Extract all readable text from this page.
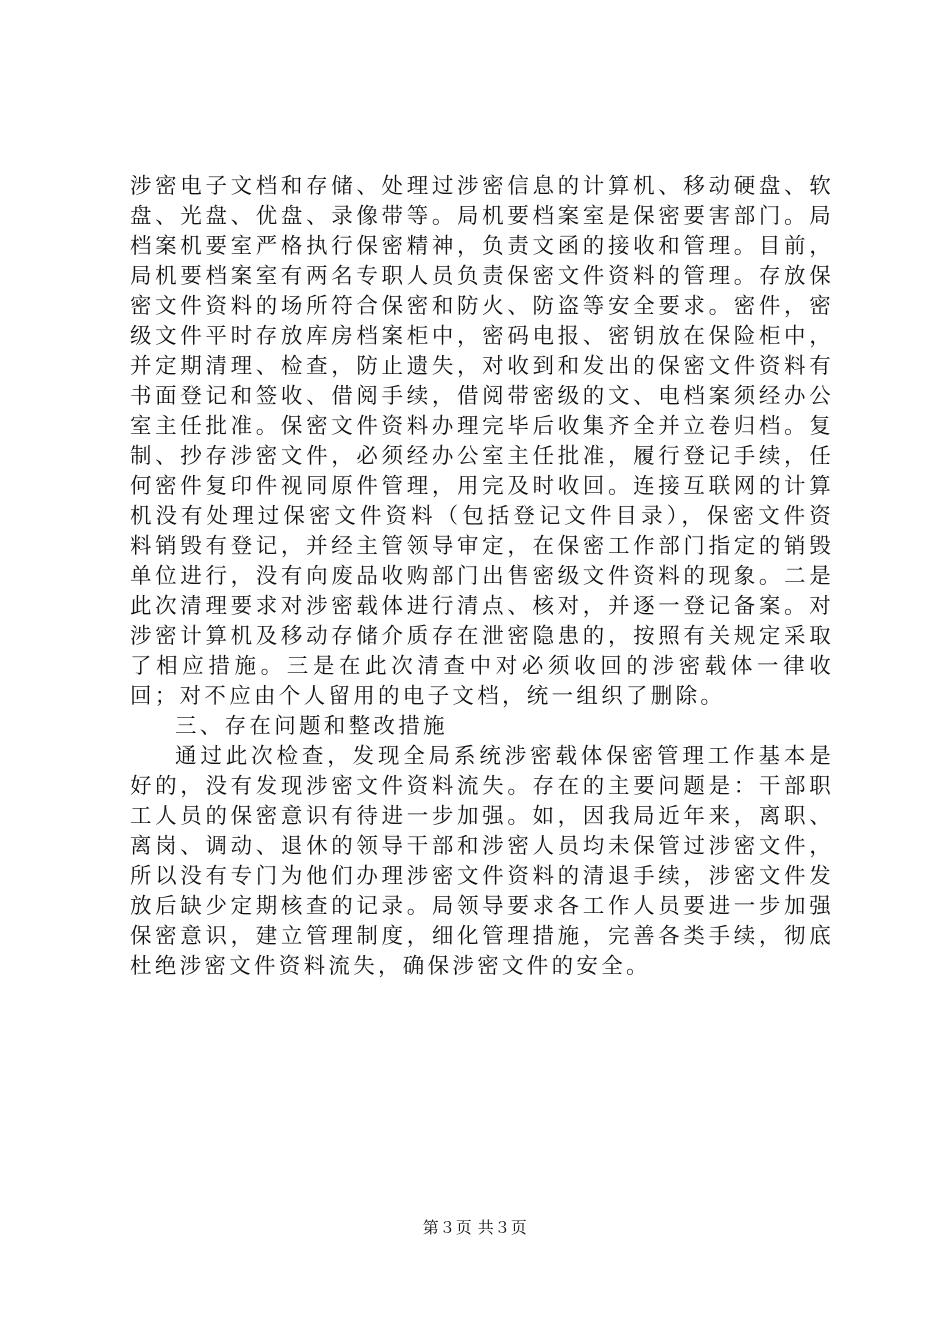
涉密电子文档和存储、处理过涉密信息的计算机、移动硬盘、软盘、光盘、优盘、录像带等。局机要档案室是保密要害部门。局档案机要室严格执行保密精神，负责文函的接收和管理。目前，局机要档案室有两名专职人员负责保密文件资料的管理。存放保密文件资料的场所符合保密和防火、防盗等安全要求。密件，密级文件平时存放库房档案柜中，密码电报、密钥放在保险柜中，并定期清理、检查，防止遗失，对收到和发出的保密文件资料有书面登记和签收、借阅手续，借阅带密级的文、电档案须经办公室主任批准。保密文件资料办理完毕后收集齐全并立卷归档。复制、抄存涉密文件，必须经办公室主任批准，履行登记手续，任何密件复印件视同原件管理，用完及时收回。连接互联网的计算机没有处理过保密文件资料（包括登记文件目录），保密文件资料销毁有登记，并经主管领导审定，在保密工作部门指定的销毁单位进行，没有向废品收购部门出售密级文件资料的现象。二是此次清理要求对涉密载体进行清点、核对，并逐一登记备案。对涉密计算机及移动存储介质存在泄密隐患的，按照有关规定采取了相应措施。三是在此次清查中对必须收回的涉密载体一律收回；对不应由个人留用的电子文档，统一组织了删除。

三、存在问题和整改措施

通过此次检查，发现全局系统涉密载体保密管理工作基本是好的，没有发现涉密文件资料流失。存在的主要问题是：干部职工人员的保密意识有待进一步加强。如，因我局近年来，离职、离岗、调动、退休的领导干部和涉密人员均未保管过涉密文件，所以没有专门为他们办理涉密文件资料的清退手续，涉密文件发放后缺少定期核查的记录。局领导要求各工作人员要进一步加强保密意识，建立管理制度，细化管理措施，完善各类手续，彻底杜绝涉密文件资料流失，确保涉密文件的安全。

第３页 共３页
